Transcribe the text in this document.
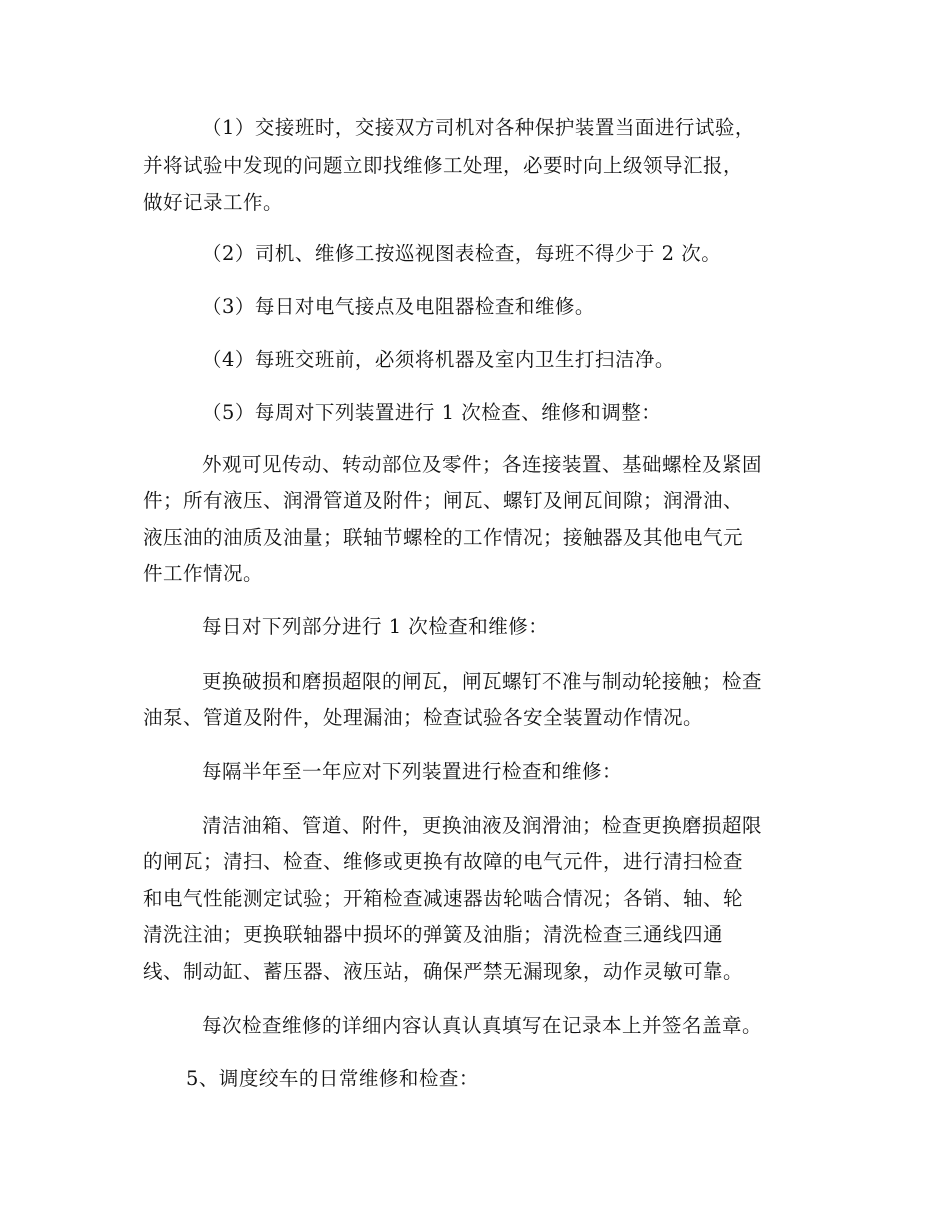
（1）交接班时，交接双方司机对各种保护装置当面进行试验，
并将试验中发现的问题立即找维修工处理，必要时向上级领导汇报，
做好记录工作。
（2）司机、维修工按巡视图表检查，每班不得少于 2 次。
（3）每日对电气接点及电阻器检查和维修。
（4）每班交班前，必须将机器及室内卫生打扫洁净。
（5）每周对下列装置进行 1 次检查、维修和调整：
外观可见传动、转动部位及零件；各连接装置、基础螺栓及紧固
件；所有液压、润滑管道及附件；闸瓦、螺钉及闸瓦间隙；润滑油、
液压油的油质及油量；联轴节螺栓的工作情况；接触器及其他电气元
件工作情况。
每日对下列部分进行 1 次检查和维修：
更换破损和磨损超限的闸瓦，闸瓦螺钉不准与制动轮接触；检查
油泵、管道及附件，处理漏油；检查试验各安全装置动作情况。
每隔半年至一年应对下列装置进行检查和维修：
清洁油箱、管道、附件，更换油液及润滑油；检查更换磨损超限
的闸瓦；清扫、检查、维修或更换有故障的电气元件，进行清扫检查
和电气性能测定试验；开箱检查减速器齿轮啮合情况；各销、轴、轮
清洗注油；更换联轴器中损坏的弹簧及油脂；清洗检查三通线四通
线、制动缸、蓄压器、液压站，确保严禁无漏现象，动作灵敏可靠。
每次检查维修的详细内容认真认真填写在记录本上并签名盖章。
5、调度绞车的日常维修和检查：
